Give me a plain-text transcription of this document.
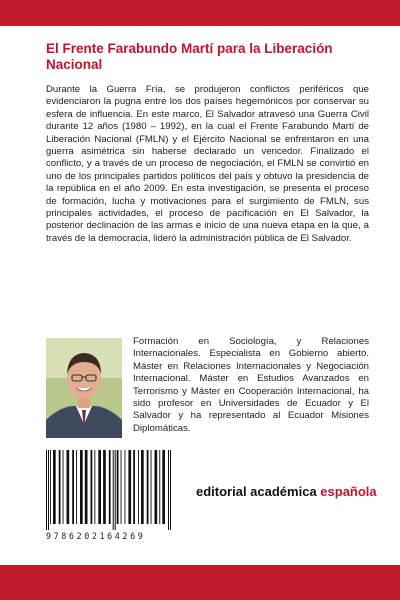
El Frente Farabundo Martí para la Liberación Nacional

Durante la Guerra Fría, se produjeron conflictos periféricos que evidenciaron la pugna entre los dos países hegemónicos por conservar su esfera de influencia. En este marco, El Salvador atravesó una Guerra Civil durante 12 años (1980 – 1992), en la cual el Frente Farabundo Martí de Liberación Nacional (FMLN) y el Ejército Nacional se enfrentaron en una guerra asimétrica sin haberse declarado un vencedor. Finalizado el conflicto, y a través de un proceso de negociación, el FMLN se convirtió en uno de los principales partidos políticos del país y obtuvo la presidencia de la república en el año 2009. En esta investigación, se presenta el proceso de formación, lucha y motivaciones para el surgimiento de FMLN, sus principales actividades, el proceso de pacificación en El Salvador, la posterior declinación de las armas e inicio de una nueva etapa en la que, a través de la democracia, lideró la administración pública de El Salvador.

Formación en Sociología, y Relaciones Internacionales. Especialista en Gobierno abierto. Máster en Relaciones Internacionales y Negociación Internacional. Máster en Estudios Avanzados en Terrorismo y Máster en Cooperación Internacional, ha sido profesor en Universidades de Ecuador y El Salvador y ha representado al Ecuador Misiones Diplomáticas.

9786202164269
editorial académica española
